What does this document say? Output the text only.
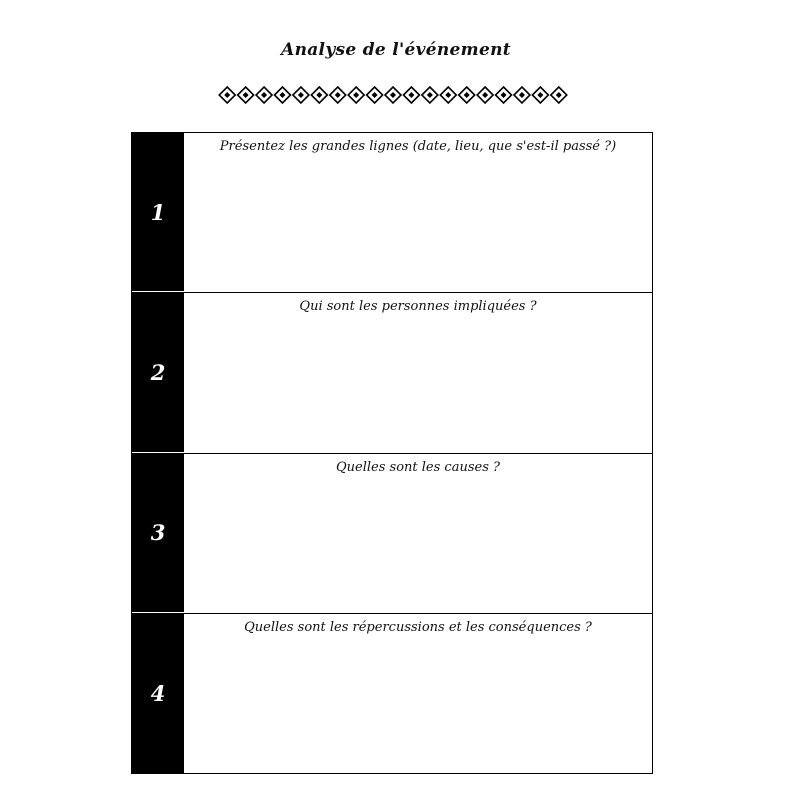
Analyse de l'événement
1
Présentez les grandes lignes (date, lieu, que s'est-il passé ?)
2
Qui sont les personnes impliquées ?
3
Quelles sont les causes ?
4
Quelles sont les répercussions et les conséquences ?
